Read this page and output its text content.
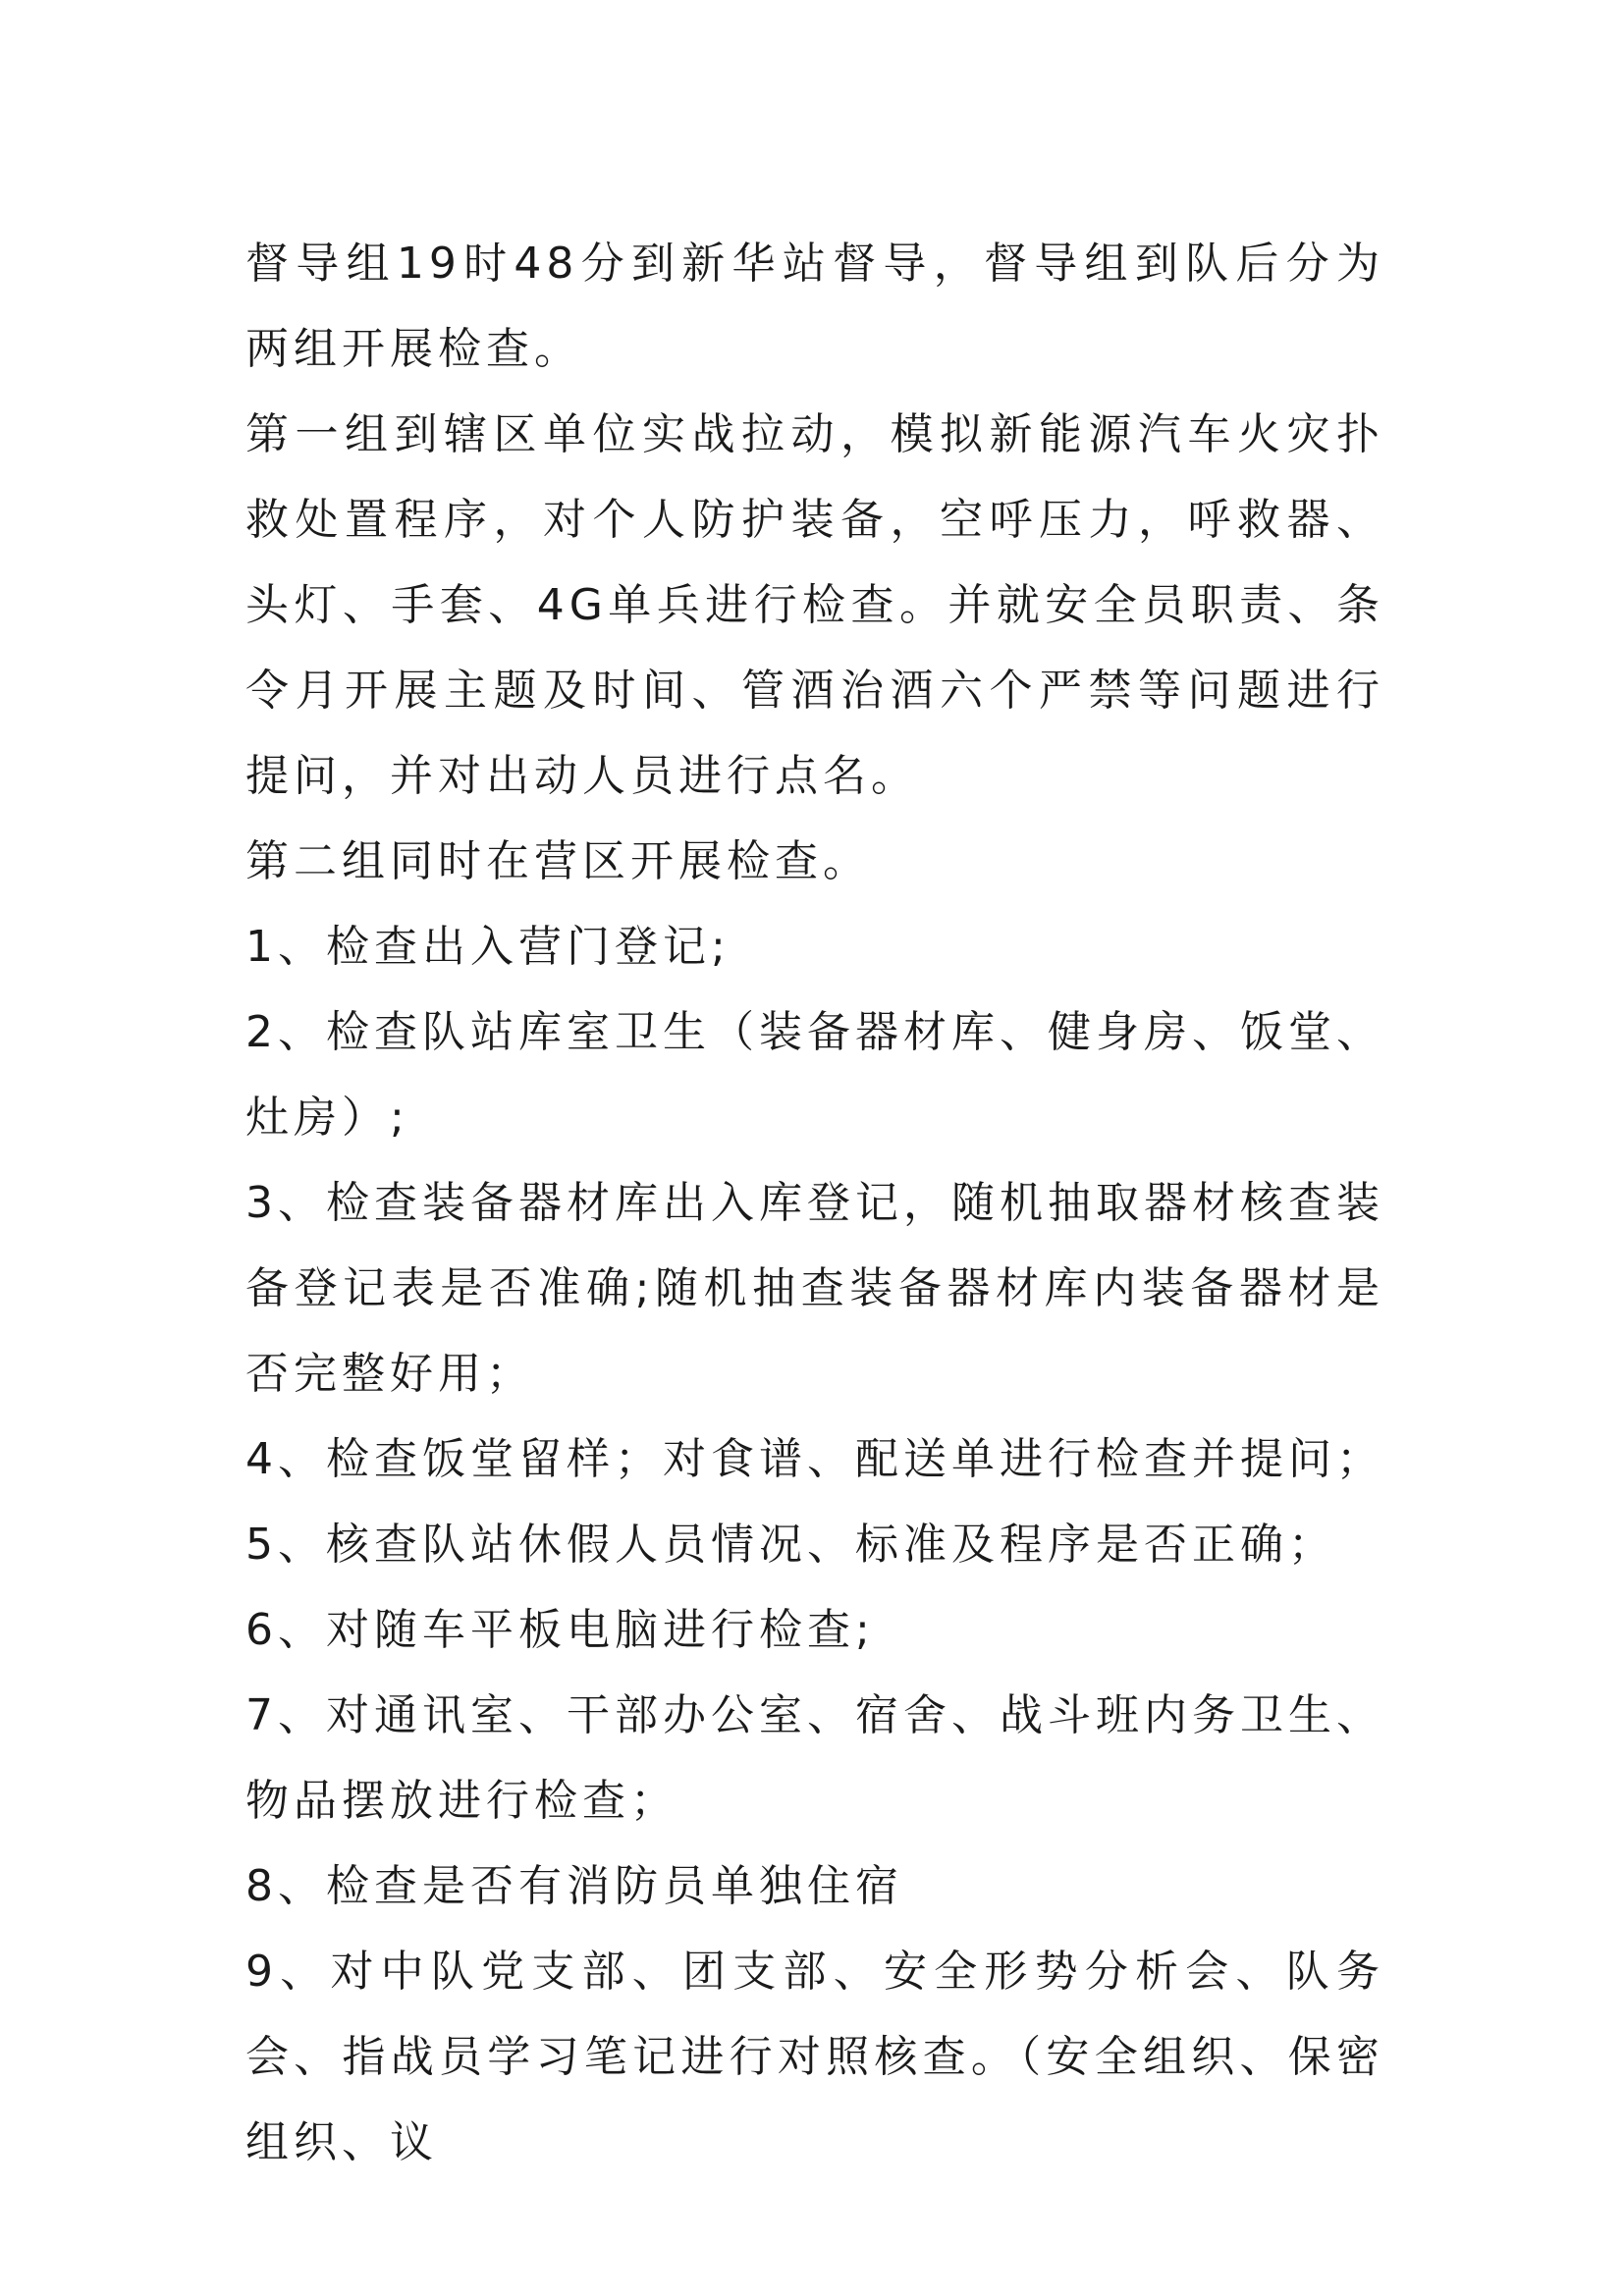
督导组19时48分到新华站督导，督导组到队后分为两组开展检查。

第一组到辖区单位实战拉动，模拟新能源汽车火灾扑救处置程序，对个人防护装备，空呼压力，呼救器、头灯、手套、4G单兵进行检查。并就安全员职责、条令月开展主题及时间、管酒治酒六个严禁等问题进行提问，并对出动人员进行点名。

第二组同时在营区开展检查。

1、检查出入营门登记;

2、检查队站库室卫生（装备器材库、健身房、饭堂、灶房）;

3、检查装备器材库出入库登记，随机抽取器材核查装备登记表是否准确;随机抽查装备器材库内装备器材是否完整好用；

4、检查饭堂留样；对食谱、配送单进行检查并提问；

5、核查队站休假人员情况、标准及程序是否正确；

6、对随车平板电脑进行检查;

7、对通讯室、干部办公室、宿舍、战斗班内务卫生、物品摆放进行检查；

8、检查是否有消防员单独住宿

9、对中队党支部、团支部、安全形势分析会、队务会、指战员学习笔记进行对照核查。（安全组织、保密组织、议
